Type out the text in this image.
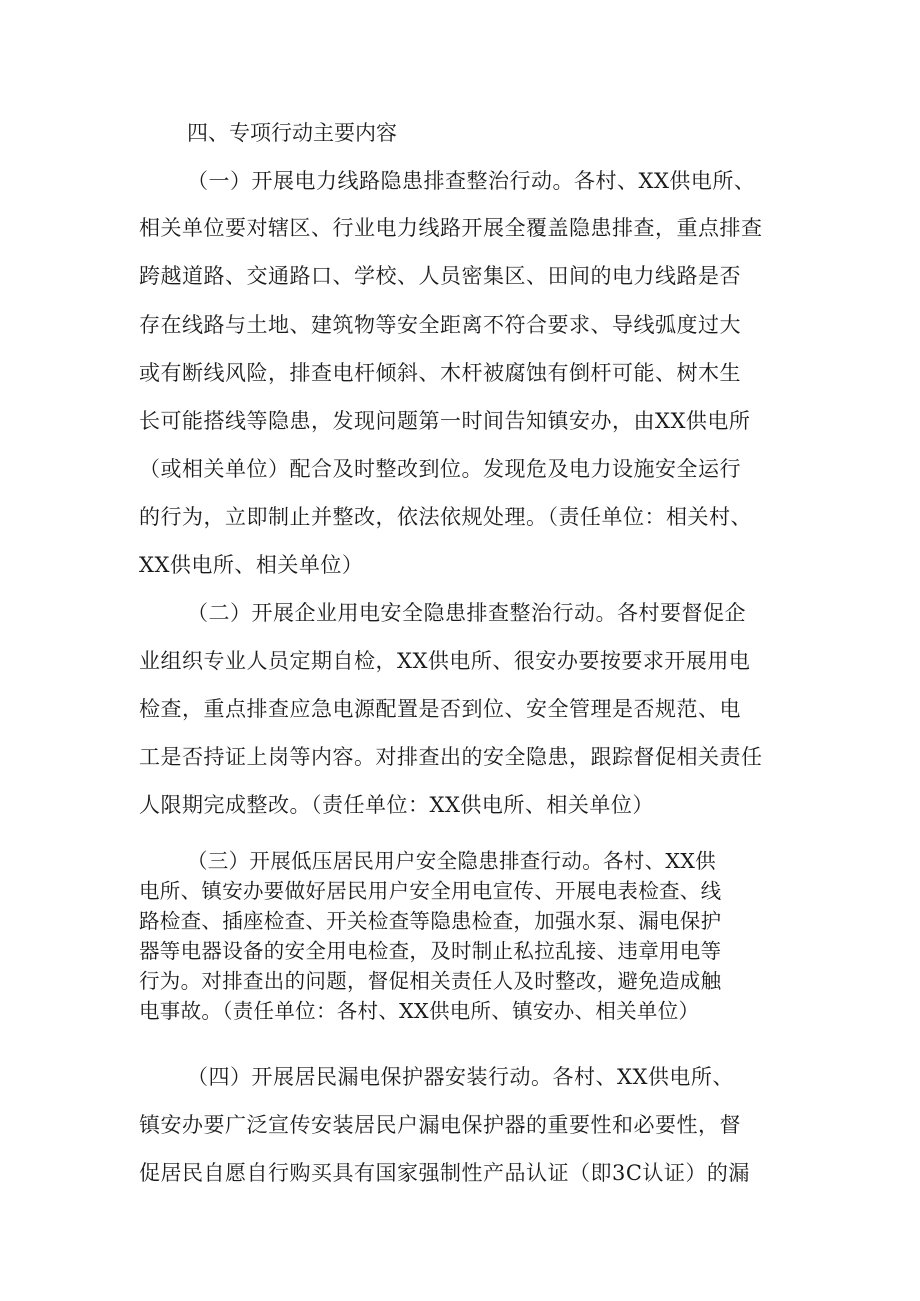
四、专项行动主要内容
（一）开展电力线路隐患排查整治行动。各村、XX供电所、
相关单位要对辖区、行业电力线路开展全覆盖隐患排查，重点排查
跨越道路、交通路口、学校、人员密集区、田间的电力线路是否
存在线路与土地、建筑物等安全距离不符合要求、导线弧度过大
或有断线风险，排查电杆倾斜、木杆被腐蚀有倒杆可能、树木生
长可能搭线等隐患，发现问题第一时间告知镇安办，由XX供电所
（或相关单位）配合及时整改到位。发现危及电力设施安全运行
的行为，立即制止并整改，依法依规处理。（责任单位：相关村、
XX供电所、相关单位）
（二）开展企业用电安全隐患排查整治行动。各村要督促企
业组织专业人员定期自检，XX供电所、很安办要按要求开展用电
检查，重点排查应急电源配置是否到位、安全管理是否规范、电
工是否持证上岗等内容。对排查出的安全隐患，跟踪督促相关责任
人限期完成整改。（责任单位：XX供电所、相关单位）
（三）开展低压居民用户安全隐患排查行动。各村、XX供
电所、镇安办要做好居民用户安全用电宣传、开展电表检查、线
路检查、插座检查、开关检查等隐患检查，加强水泵、漏电保护
器等电器设备的安全用电检查，及时制止私拉乱接、违章用电等
行为。对排查出的问题，督促相关责任人及时整改，避免造成触
电事故。（责任单位：各村、XX供电所、镇安办、相关单位）
（四）开展居民漏电保护器安装行动。各村、XX供电所、
镇安办要广泛宣传安装居民户漏电保护器的重要性和必要性，督
促居民自愿自行购买具有国家强制性产品认证（即3C认证）的漏
